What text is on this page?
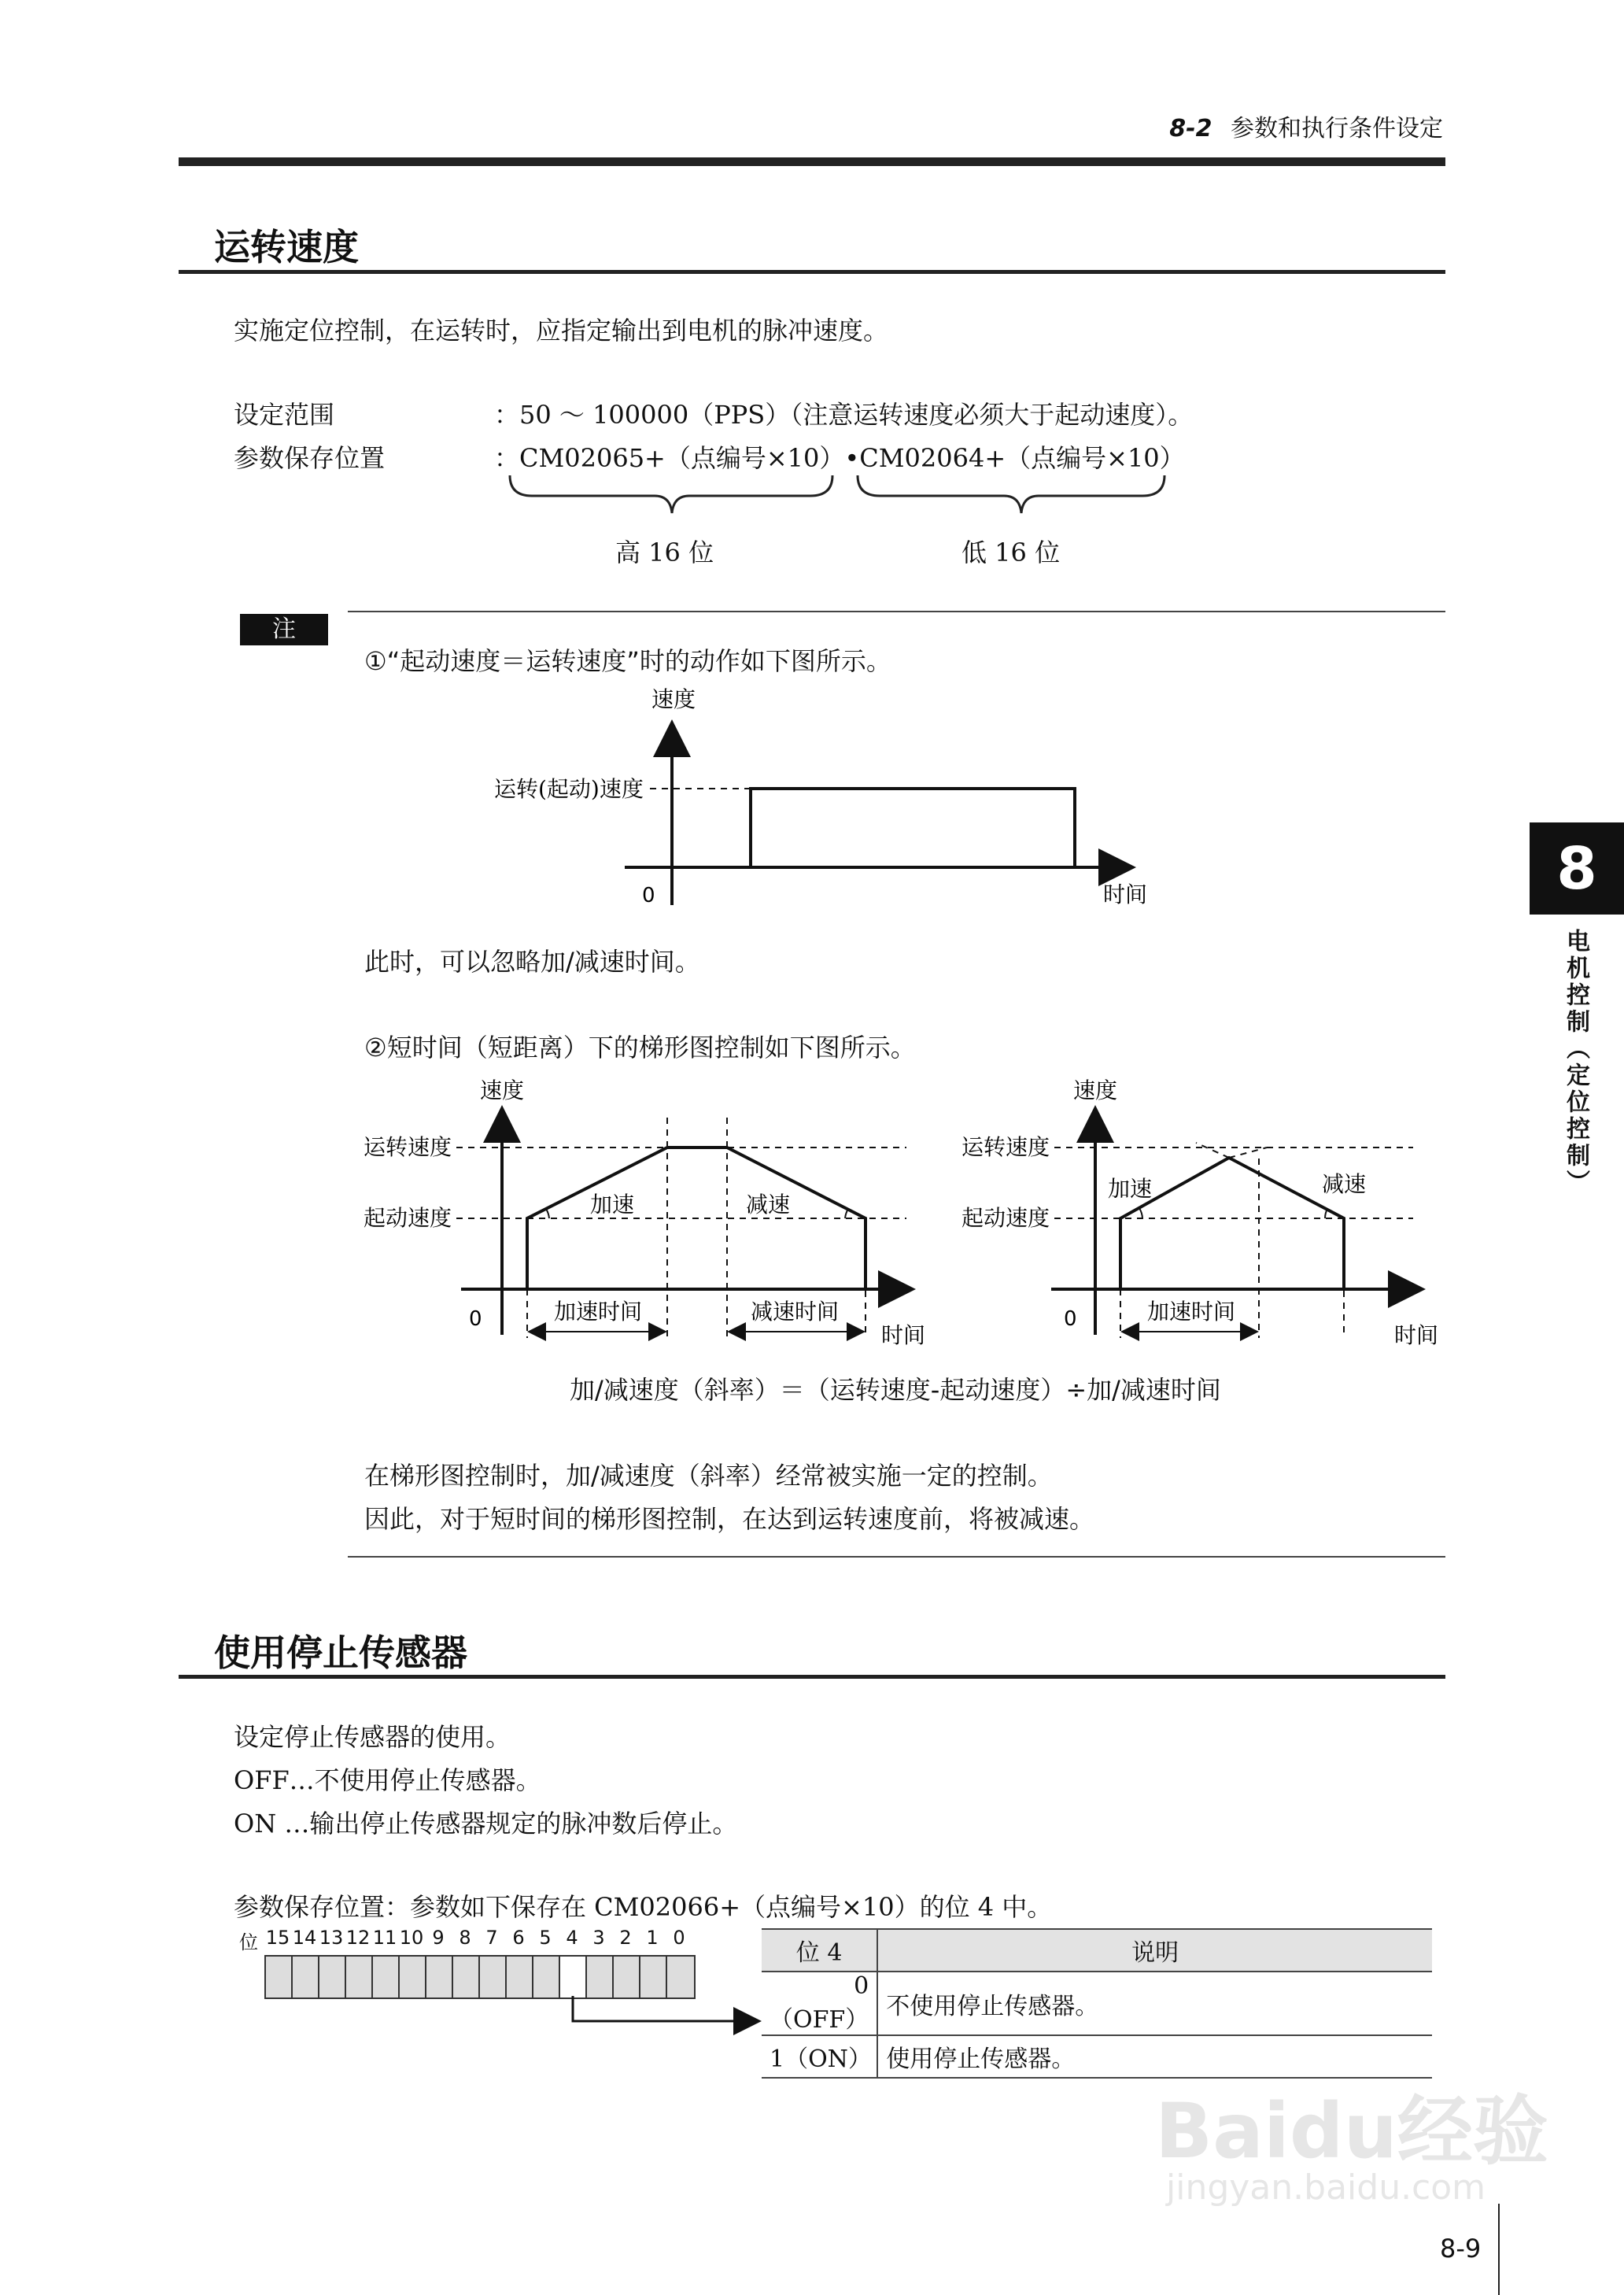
8-2 参数和执行条件设定
8
电机控制（定位控制）
运转速度
实施定位控制，在运转时，应指定输出到电机的脉冲速度。
设定范围	：50 ～ 100000（PPS）（注意运转速度必须大于起动速度）。
参数保存位置	：CM02065+（点编号×10）•CM02064+（点编号×10）
高 16 位	低 16 位
注
①“起动速度＝运转速度”时的动作如下图所示。
速度
运转(起动)速度
0	时间
此时，可以忽略加/减速时间。
②短时间（短距离）下的梯形图控制如下图所示。
速度
运转速度
起动速度
加速	减速
加速时间	减速时间
0
时间
速度
运转速度
起动速度
加速	减速
加速时间
0
时间
加/减速度（斜率）＝（运转速度-起动速度）÷加/减速时间
在梯形图控制时，加/减速度（斜率）经常被实施一定的控制。
因此，对于短时间的梯形图控制，在达到运转速度前，将被减速。
使用停止传感器
设定停止传感器的使用。
OFF…不使用停止传感器。
ON …输出停止传感器规定的脉冲数后停止。
参数保存位置：参数如下保存在 CM02066+（点编号×10）的位 4 中。
位 15 14 13 12 11 10 9 8 7 6 5 4 3 2 1 0
位 4	说明
0（OFF）	不使用停止传感器。
1（ON）	使用停止传感器。
Baidu经验
jingyan.baidu.com
8-9
